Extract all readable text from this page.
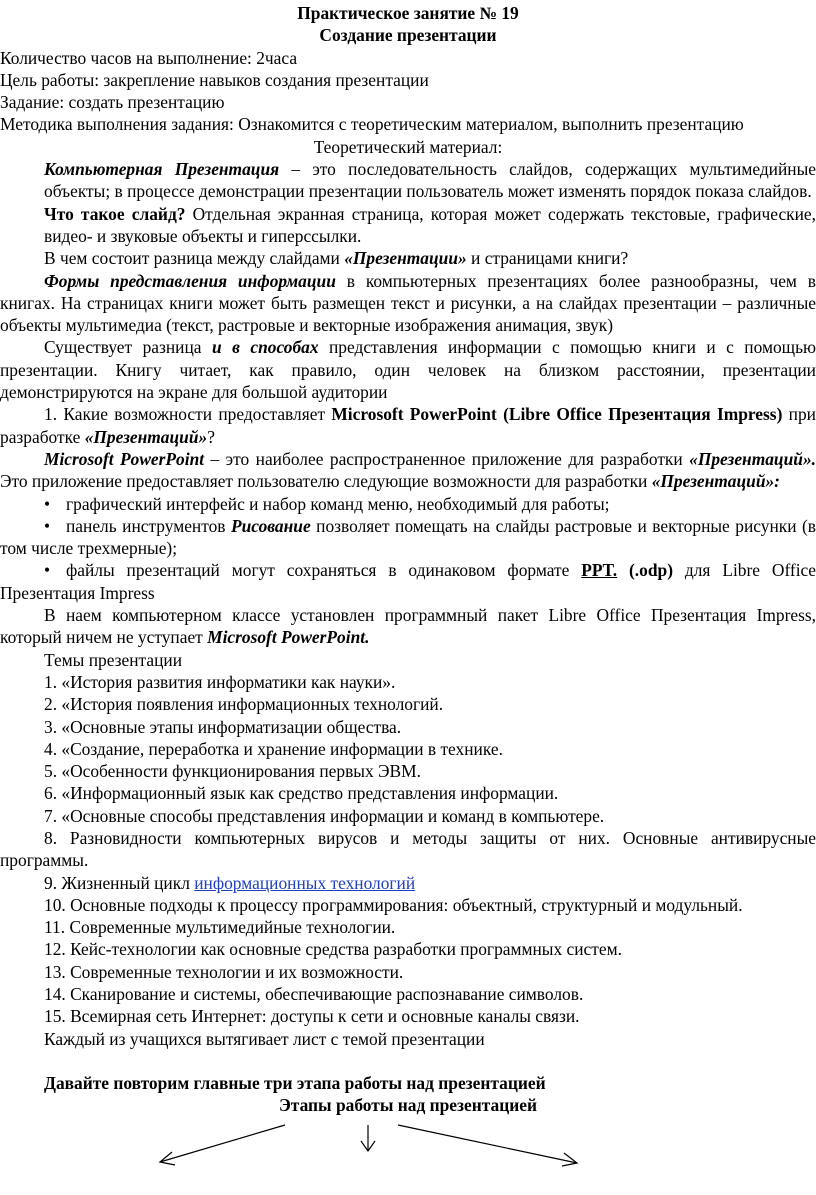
Практическое занятие № 19

Создание презентации

Количество часов на выполнение: 2часа

Цель работы: закрепление навыков создания презентации

Задание: создать презентацию

Методика выполнения задания: Ознакомится с теоретическим материалом, выполнить презентацию

Теоретический материал:

Компьютерная Презентация – это последовательность слайдов, содержащих мультимедийные объекты; в процессе демонстрации презентации пользователь может изменять порядок показа слайдов.

Что такое слайд? Отдельная экранная страница, которая может содержать текстовые, графические, видео- и звуковые объекты и гиперссылки.

В чем состоит разница между слайдами «Презентации» и страницами книги?

Формы представления информации в компьютерных презентациях более разнообразны, чем в книгах. На страницах книги может быть размещен текст и рисунки, а на слайдах презентации – различные объекты мультимедиа (текст, растровые и векторные изображения анимация, звук)

Существует разница и в способах представления информации с помощью книги и с помощью презентации. Книгу читает, как правило, один человек на близком расстоянии, презентации демонстрируются на экране для большой аудитории

1. Какие возможности предоставляет Microsoft PowerPoint (Libre Office Презентация Impress) при разработке «Презентаций»?

Microsoft PowerPoint – это наиболее распространенное приложение для разработки «Презентаций». Это приложение предоставляет пользователю следующие возможности для разработки «Презентаций»:

• графический интерфейс и набор команд меню, необходимый для работы;

• панель инструментов Рисование позволяет помещать на слайды растровые и векторные рисунки (в том числе трехмерные);

• файлы презентаций могут сохраняться в одинаковом формате PPT. (.odp) для Libre Office Презентация Impress

В наем компьютерном классе установлен программный пакет Libre Office Презентация Impress, который ничем не уступает Microsoft PowerPoint.

Темы презентации

1. «История развития информатики как науки».

2. «История появления информационных технологий.

3. «Основные этапы информатизации общества.

4. «Создание, переработка и хранение информации в технике.

5. «Особенности функционирования первых ЭВМ.

6. «Информационный язык как средство представления информации.

7. «Основные способы представления информации и команд в компьютере.

8. Разновидности компьютерных вирусов и методы защиты от них. Основные антивирусные программы.

9. Жизненный цикл информационных технологий

10. Основные подходы к процессу программирования: объектный, структурный и модульный.

11. Современные мультимедийные технологии.

12. Кейс-технологии как основные средства разработки программных систем.

13. Современные технологии и их возможности.

14. Сканирование и системы, обеспечивающие распознавание символов.

15. Всемирная сеть Интернет: доступы к сети и основные каналы связи.

Каждый из учащихся вытягивает лист с темой презентации

Давайте повторим главные три этапа работы над презентацией

Этапы работы над презентацией
